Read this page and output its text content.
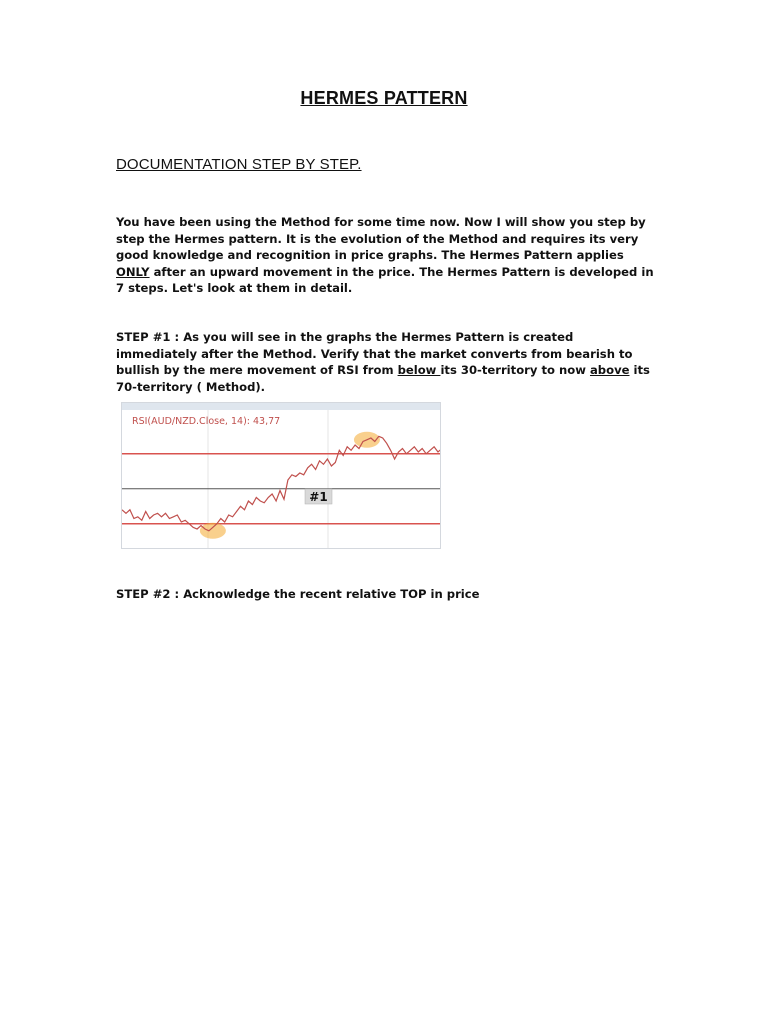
HERMES PATTERN
DOCUMENTATION STEP BY STEP.

You have been using the Method for some time now. Now I will show you step by step the Hermes pattern. It is the evolution of the Method and requires its very good knowledge and recognition in price graphs. The Hermes Pattern applies ONLY after an upward movement in the price. The Hermes Pattern is developed in 7 steps. Let's look at them in detail.

STEP #1 : As you will see in the graphs the Hermes Pattern is created immediately after the Method. Verify that the market converts from bearish to bullish by the mere movement of RSI from below its 30-territory to now above its 70-territory ( Method).

RSI(AUD/NZD.Close, 14): 43,77
#1

STEP #2 : Acknowledge the recent relative TOP in price
